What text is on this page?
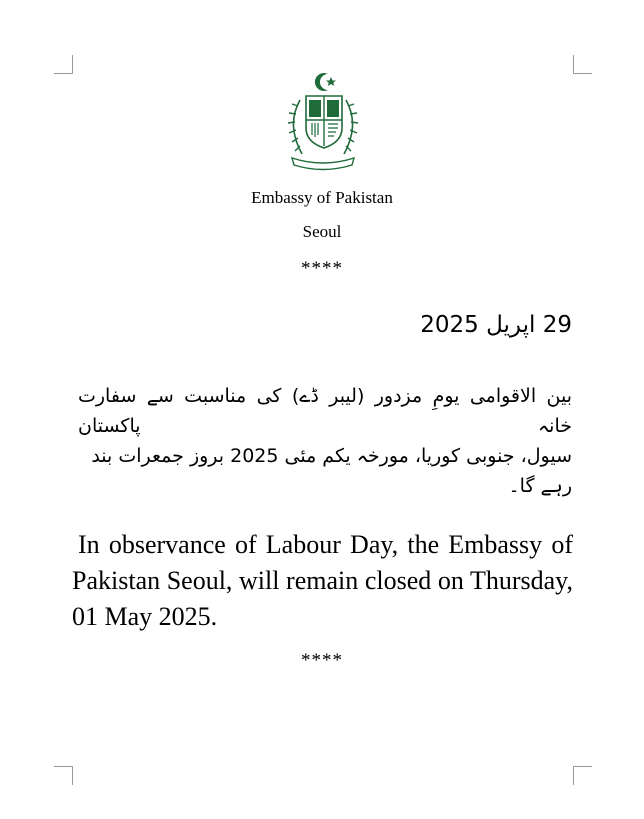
Embassy of Pakistan
Seoul
****
29 اپریل 2025
بین الاقوامی یومِ مزدور (لیبر ڈے) کی مناسبت سے سفارت خانہ پاکستان
سیول، جنوبی کوریا، مورخہ یکم مئی 2025 بروز جمعرات بند رہے گا۔
In observance of Labour Day, the Embassy of Pakistan Seoul, will remain closed on Thursday, 01 May 2025.
****
